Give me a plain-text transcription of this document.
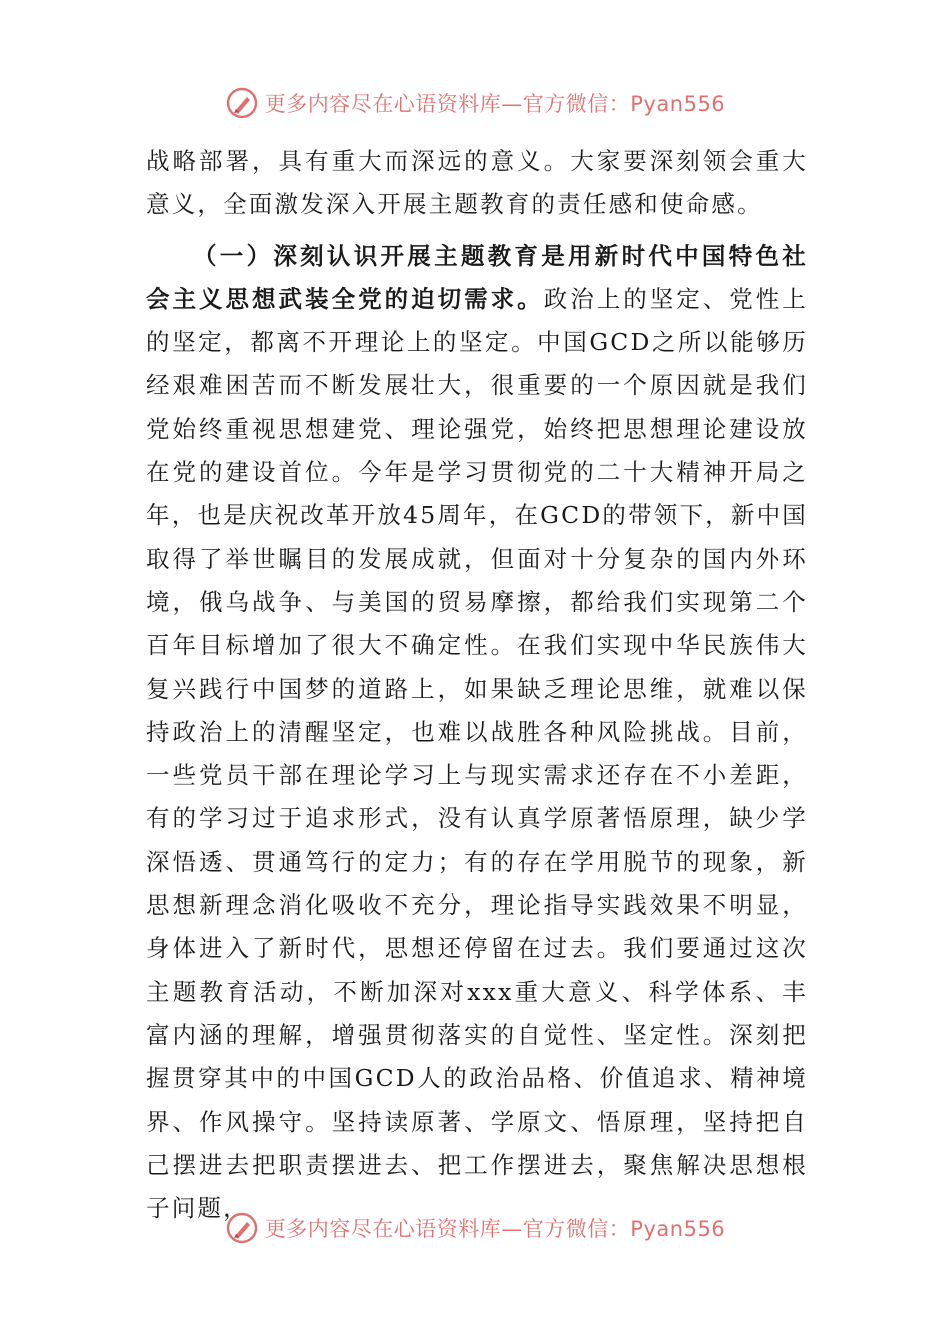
更多内容尽在心语资料库—官方微信：Pyan556

战略部署，具有重大而深远的意义。大家要深刻领会重大意义，全面激发深入开展主题教育的责任感和使命感。

（一）深刻认识开展主题教育是用新时代中国特色社会主义思想武装全党的迫切需求。政治上的坚定、党性上的坚定，都离不开理论上的坚定。中国GCD之所以能够历经艰难困苦而不断发展壮大，很重要的一个原因就是我们党始终重视思想建党、理论强党，始终把思想理论建设放在党的建设首位。今年是学习贯彻党的二十大精神开局之年，也是庆祝改革开放45周年，在GCD的带领下，新中国取得了举世瞩目的发展成就，但面对十分复杂的国内外环境，俄乌战争、与美国的贸易摩擦，都给我们实现第二个百年目标增加了很大不确定性。在我们实现中华民族伟大复兴践行中国梦的道路上，如果缺乏理论思维，就难以保持政治上的清醒坚定，也难以战胜各种风险挑战。目前，一些党员干部在理论学习上与现实需求还存在不小差距，有的学习过于追求形式，没有认真学原著悟原理，缺少学深悟透、贯通笃行的定力；有的存在学用脱节的现象，新思想新理念消化吸收不充分，理论指导实践效果不明显，身体进入了新时代，思想还停留在过去。我们要通过这次主题教育活动，不断加深对xxx重大意义、科学体系、丰富内涵的理解，增强贯彻落实的自觉性、坚定性。深刻把握贯穿其中的中国GCD人的政治品格、价值追求、精神境界、作风操守。坚持读原著、学原文、悟原理，坚持把自己摆进去把职责摆进去、把工作摆进去，聚焦解决思想根子问题，

更多内容尽在心语资料库—官方微信：Pyan556
